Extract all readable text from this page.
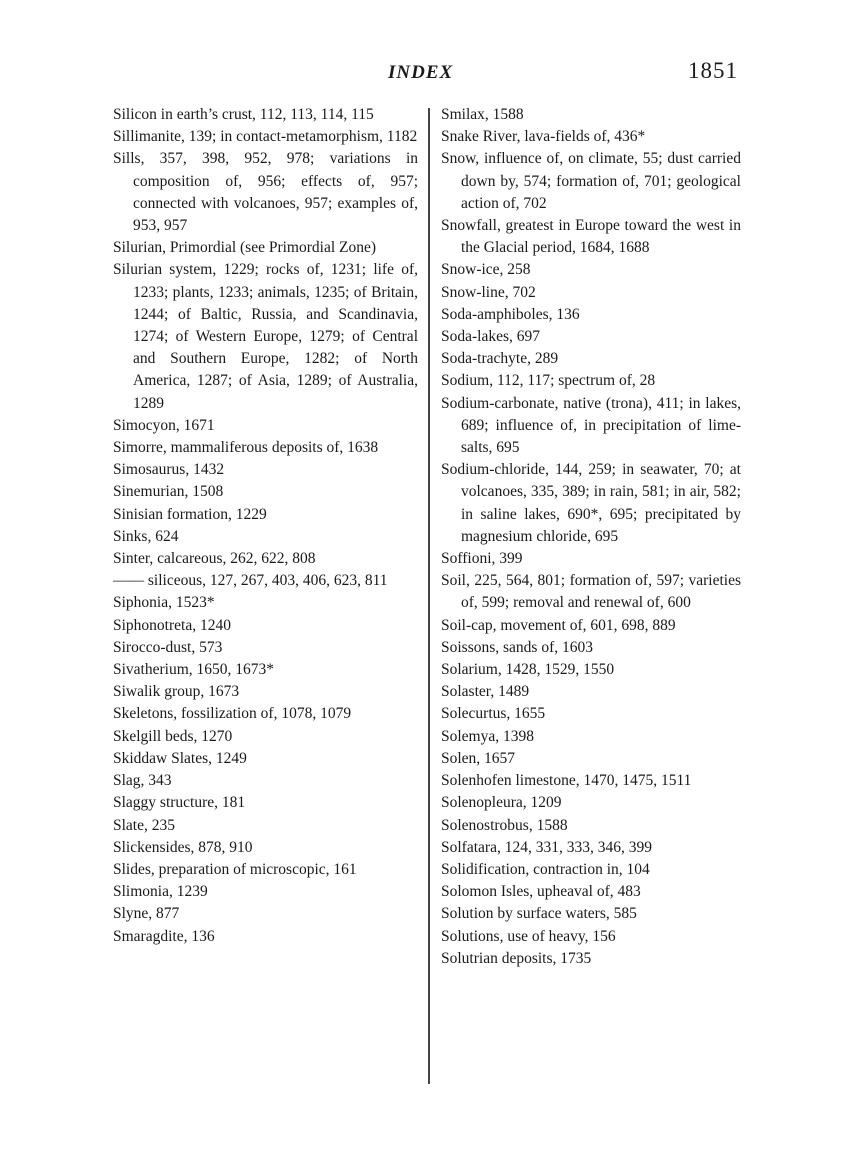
INDEX	1851

Silicon in earth’s crust, 112, 113, 114, 115

Sillimanite, 139; in contact-metamorphism, 1182

Sills, 357, 398, 952, 978; variations in composition of, 956; effects of, 957; connected with volcanoes, 957; examples of, 953, 957

Silurian, Primordial (see Primordial Zone)

Silurian system, 1229; rocks of, 1231; life of, 1233; plants, 1233; animals, 1235; of Britain, 1244; of Baltic, Russia, and Scandinavia, 1274; of Western Europe, 1279; of Central and Southern Europe, 1282; of North America, 1287; of Asia, 1289; of Australia, 1289

Simocyon, 1671

Simorre, mammaliferous deposits of, 1638

Simosaurus, 1432

Sinemurian, 1508

Sinisian formation, 1229

Sinks, 624

Sinter, calcareous, 262, 622, 808

—— siliceous, 127, 267, 403, 406, 623, 811

Siphonia, 1523*

Siphonotreta, 1240

Sirocco-dust, 573

Sivatherium, 1650, 1673*

Siwalik group, 1673

Skeletons, fossilization of, 1078, 1079

Skelgill beds, 1270

Skiddaw Slates, 1249

Slag, 343

Slaggy structure, 181

Slate, 235

Slickensides, 878, 910

Slides, preparation of microscopic, 161

Slimonia, 1239

Slyne, 877

Smaragdite, 136

Smilax, 1588

Snake River, lava-fields of, 436*

Snow, influence of, on climate, 55; dust carried down by, 574; formation of, 701; geological action of, 702

Snowfall, greatest in Europe toward the west in the Glacial period, 1684, 1688

Snow-ice, 258

Snow-line, 702

Soda-amphiboles, 136

Soda-lakes, 697

Soda-trachyte, 289

Sodium, 112, 117; spectrum of, 28

Sodium-carbonate, native (trona), 411; in lakes, 689; influence of, in precipitation of lime-salts, 695

Sodium-chloride, 144, 259; in seawater, 70; at volcanoes, 335, 389; in rain, 581; in air, 582; in saline lakes, 690*, 695; precipitated by magnesium chloride, 695

Soffioni, 399

Soil, 225, 564, 801; formation of, 597; varieties of, 599; removal and renewal of, 600

Soil-cap, movement of, 601, 698, 889

Soissons, sands of, 1603

Solarium, 1428, 1529, 1550

Solaster, 1489

Solecurtus, 1655

Solemya, 1398

Solen, 1657

Solenhofen limestone, 1470, 1475, 1511

Solenopleura, 1209

Solenostrobus, 1588

Solfatara, 124, 331, 333, 346, 399

Solidification, contraction in, 104

Solomon Isles, upheaval of, 483

Solution by surface waters, 585

Solutions, use of heavy, 156

Solutrian deposits, 1735
